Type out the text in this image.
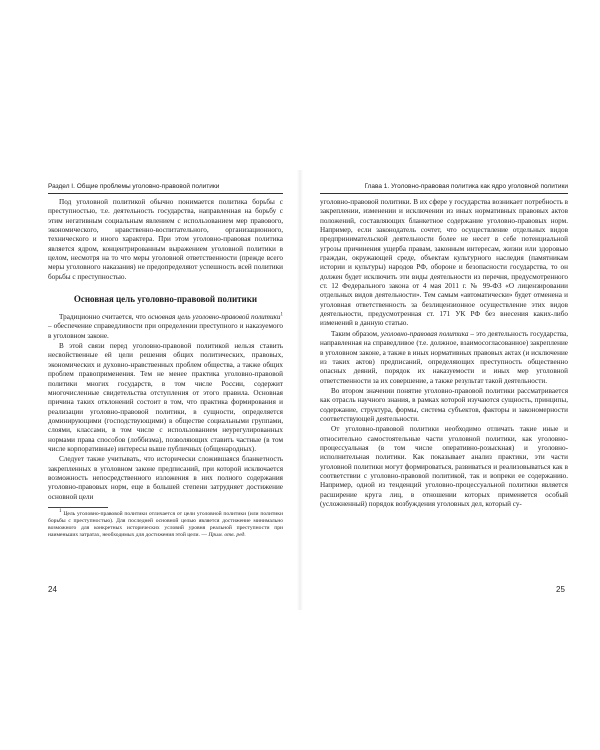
Раздел I. Общие проблемы уголовно-правовой политики

Под уголовной политикой обычно понимается политика борьбы с преступностью, т.е. деятельность государства, направленная на борьбу с этим негативным социальным явлением с использованием мер правового, экономического, нравственно-воспитательного, организационного, технического и иного характера. При этом уголовно-правовая политика является ядром, концентрированным выражением уголовной политики в целом, несмотря на то что меры уголовной ответственности (прежде всего меры уголовного наказания) не предопределяют успешность всей политики борьбы с преступностью.

Основная цель уголовно-правовой политики

Традиционно считается, что основная цель уголовно-правовой политики$^1$ – обеспечение справедливости при определении преступного и наказуемого в уголовном законе.

В этой связи перед уголовно-правовой политикой нельзя ставить несвойственные ей цели решения общих политических, правовых, экономических и духовно-нравственных проблем общества, а также общих проблем правоприменения. Тем не менее практика уголовно-правовой политики многих государств, в том числе России, содержит многочисленные свидетельства отступления от этого правила. Основная причина таких отклонений состоит в том, что практика формирования и реализации уголовно-правовой политики, в сущности, определяется доминирующими (господствующими) в обществе социальными группами, слоями, классами, в том числе с использованием неурегулированных нормами права способов (лоббизма), позволяющих ставить частные (в том числе корпоративные) интересы выше публичных (общенародных).

Следует также учитывать, что исторически сложившаяся бланкетность закрепленных в уголовном законе предписаний, при которой исключается возможность непосредственного изложения в них полного содержания уголовно-правовых норм, еще в большей степени затрудняет достижение основной цели

$^1$ Цель уголовно-правовой политики отличается от цели уголовной политики (или политики борьбы с преступностью). Для последней основной целью является достижение минимально возможного для конкретных исторических условий уровня реальной преступности при наименьших затратах, необходимых для достижения этой цели. — Прим. отв. ред.

24
Глава 1. Уголовно-правовая политика как ядро уголовной политики

уголовно-правовой политики. В их сфере у государства возникает потребность в закреплении, изменении и исключении из иных нормативных правовых актов положений, составляющих бланкетное содержание уголовно-правовых норм. Например, если законодатель сочтет, что осуществление отдельных видов предпринимательской деятельности более не несет в себе потенциальной угрозы причинения ущерба правам, законным интересам, жизни или здоровью граждан, окружающей среде, объектам культурного наследия (памятникам истории и культуры) народов РФ, обороне и безопасности государства, то он должен будет исключить эти виды деятельности из перечня, предусмотренного ст. 12 Федерального закона от 4 мая 2011 г. № 99-ФЗ «О лицензировании отдельных видов деятельности». Тем самым «автоматически» будет отменена и уголовная ответственность за безлицензионное осуществление этих видов деятельности, предусмотренная ст. 171 УК РФ без внесения каких-либо изменений в данную статью.

Таким образом, уголовно-правовая политика – это деятельность государства, направленная на справедливое (т.е. должное, взаимосогласованное) закрепление в уголовном законе, а также в иных нормативных правовых актах (и исключение из таких актов) предписаний, определяющих преступность общественно опасных деяний, порядок их наказуемости и иных мер уголовной ответственности за их совершение, а также результат такой деятельности.

Во втором значении понятие уголовно-правовой политики рассматривается как отрасль научного знания, в рамках которой изучаются сущность, принципы, содержание, структура, формы, система субъектов, факторы и закономерности соответствующей деятельности.

От уголовно-правовой политики необходимо отличать такие иные и относительно самостоятельные части уголовной политики, как уголовно-процессуальная (в том числе оперативно-розыскная) и уголовно-исполнительная политики. Как показывает анализ практики, эти части уголовной политики могут формироваться, развиваться и реализовываться как в соответствии с уголовно-правовой политикой, так и вопреки ее содержанию. Например, одной из тенденций уголовно-процессуальной политики является расширение круга лиц, в отношении которых применяется особый (усложненный) порядок возбуждения уголовных дел, который су-

25
